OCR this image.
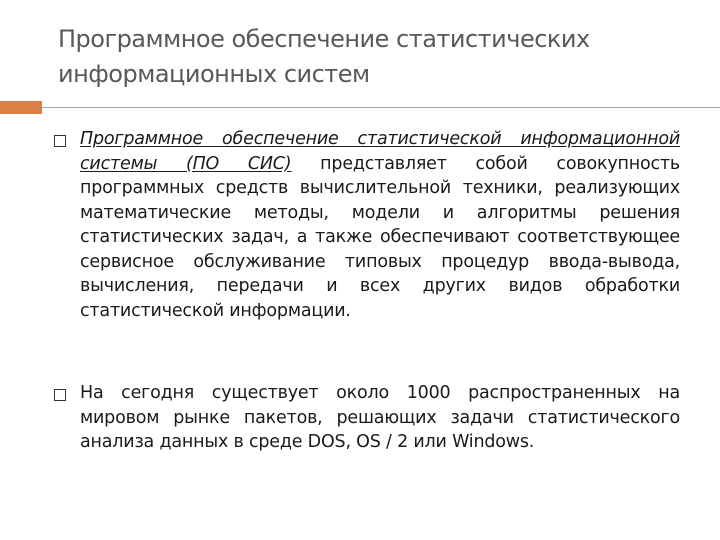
Программное обеспечение статистических информационных систем
Программное обеспечение статистической информационной системы (ПО СИС) представляет собой совокупность программных средств вычислительной техники, реализующих математические методы, модели и алгоритмы решения статистических задач, а также обеспечивают соответствующее сервисное обслуживание типовых процедур ввода-вывода, вычисления, передачи и всех других видов обработки статистической информации.
На сегодня существует около 1000 распространенных на мировом рынке пакетов, решающих задачи статистического анализа данных в среде DOS, OS / 2 или Windows.
